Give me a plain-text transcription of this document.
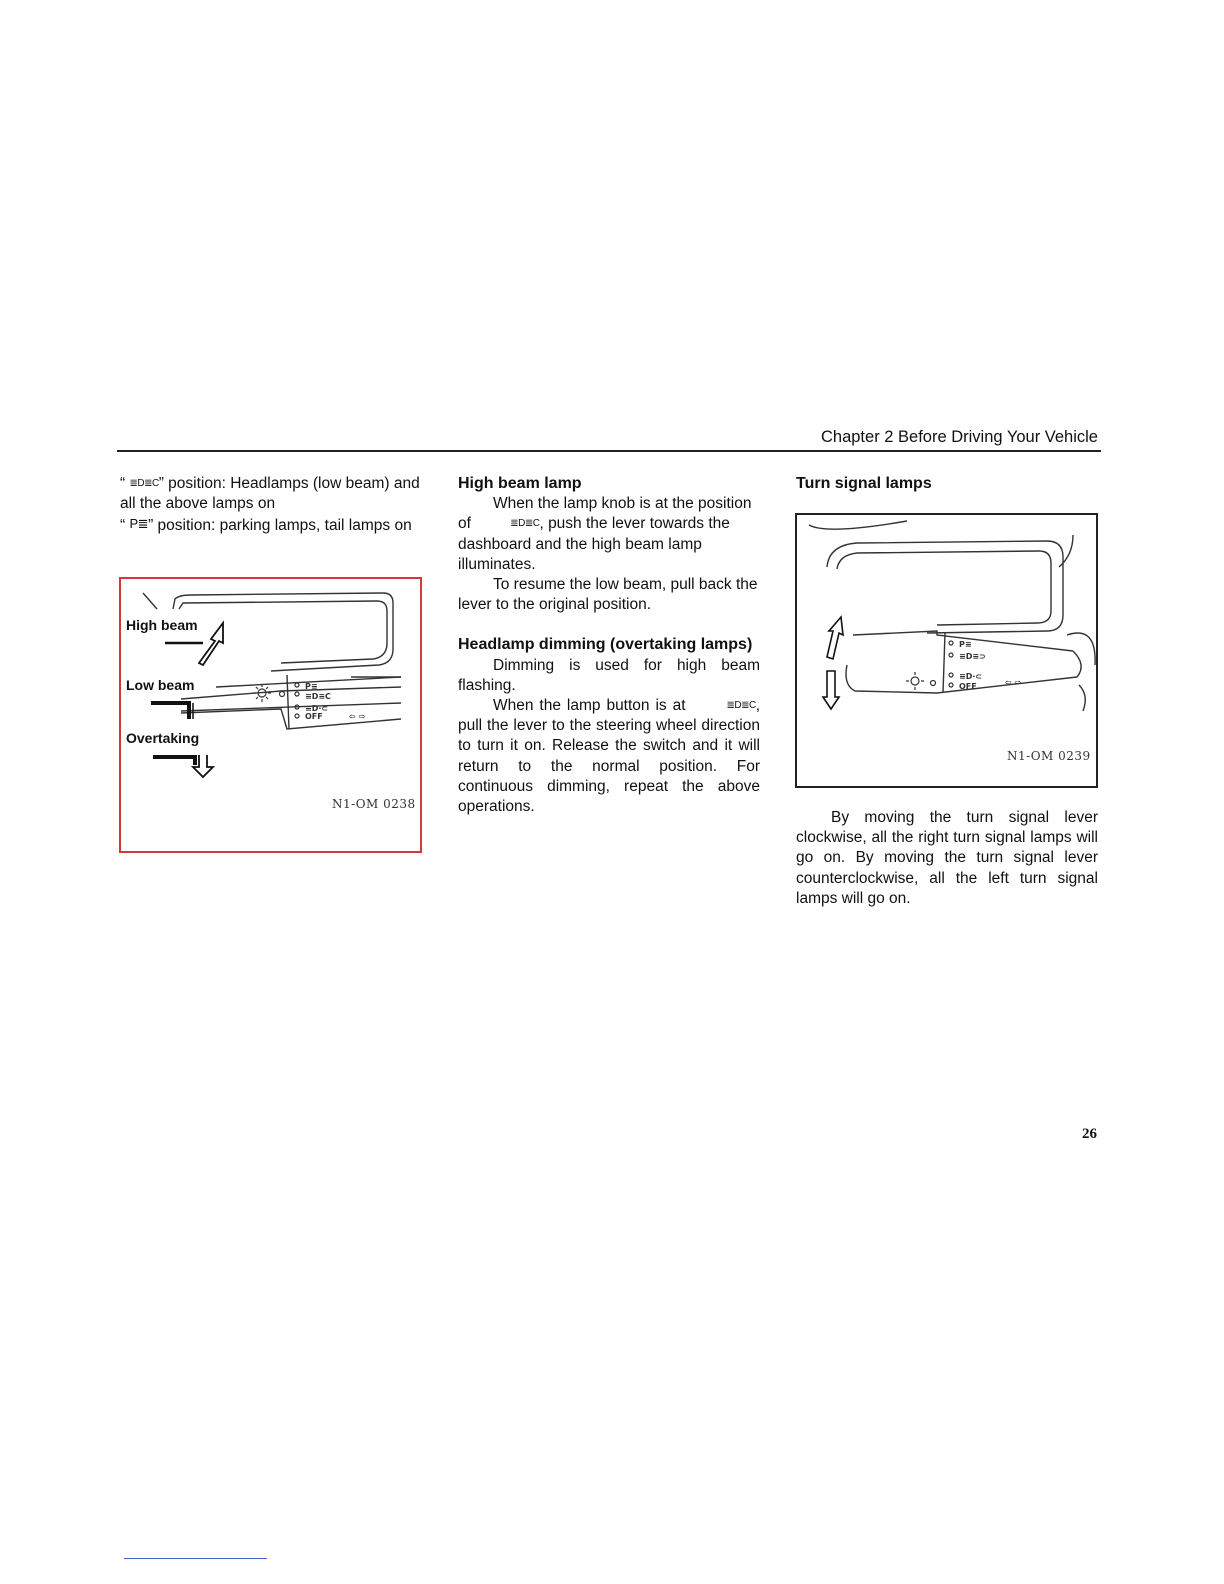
Chapter 2 Before Driving Your Vehicle

“ ≣D≣C” position: Headlamps (low beam) and all the above lamps on

“ P≣” position: parking lamps, tail lamps on

P≡
≡D≡C
≡D·⊂
OFF	⇦ ⇨
High beam
Low beam
Overtaking
N1-OM 0238

High beam lamp

When the lamp knob is at the position of	≣D≣C, push the lever towards the dashboard and the high beam lamp illuminates.

To resume the low beam, pull back the lever to the original position.

Headlamp dimming (overtaking lamps)

Dimming is used for high beam flashing.

When the lamp button is at	≣D≣C, pull the lever to the steering wheel direction to turn it on. Release the switch and it will return to the normal position. For continuous dimming, repeat the above operations.

Turn signal lamps

P≡
≡D≡⊃
≡D·⊂
OFF	⇦ ⇨
N1-OM 0239

By moving the turn signal lever clockwise, all the right turn signal lamps will go on. By moving the turn signal lever counterclockwise, all the left turn signal lamps will go on.

26
